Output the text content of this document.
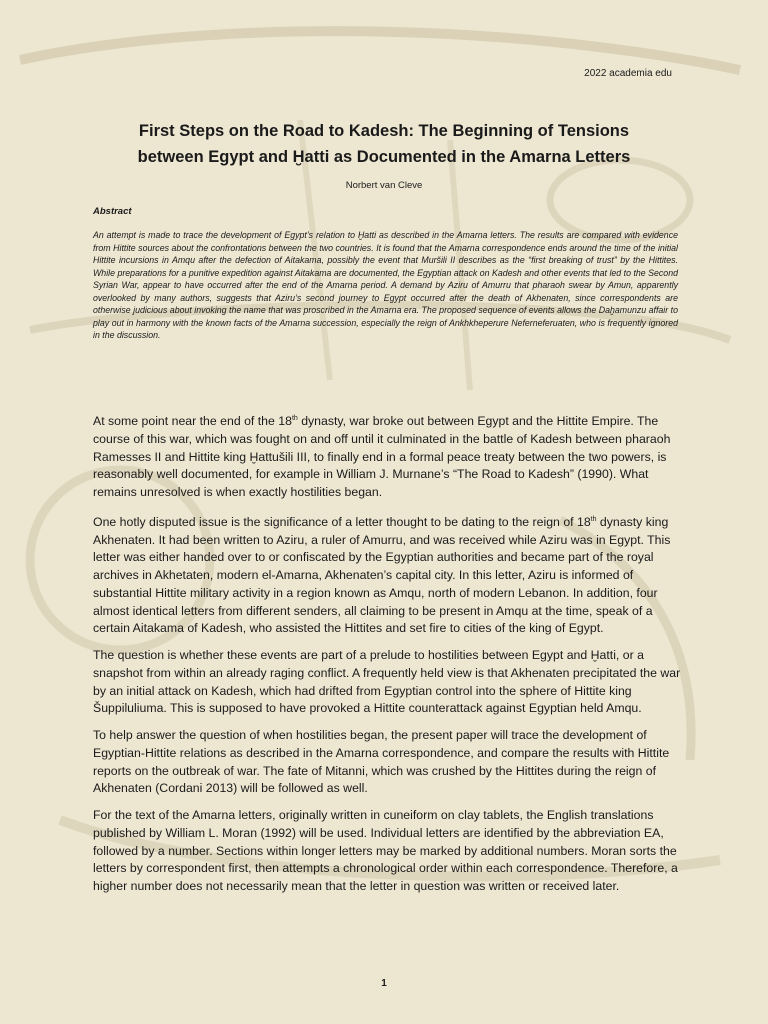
2022 academia edu
First Steps on the Road to Kadesh: The Beginning of Tensions
between Egypt and Ḫatti as Documented in the Amarna Letters
Norbert van Cleve
Abstract
An attempt is made to trace the development of Egypt’s relation to Ḫatti as described in the Amarna letters. The results are compared with evidence from Hittite sources about the confrontations between the two countries. It is found that the Amarna correspondence ends around the time of the initial Hittite incursions in Amqu after the defection of Aitakama, possibly the event that Muršili II describes as the “first breaking of trust” by the Hittites. While preparations for a punitive expedition against Aitakama are documented, the Egyptian attack on Kadesh and other events that led to the Second Syrian War, appear to have occurred after the end of the Amarna period. A demand by Aziru of Amurru that pharaoh swear by Amun, apparently overlooked by many authors, suggests that Aziru’s second journey to Egypt occurred after the death of Akhenaten, since correspondents are otherwise judicious about invoking the name that was proscribed in the Amarna era. The proposed sequence of events allows the Daḫamunzu affair to play out in harmony with the known facts of the Amarna succession, especially the reign of Ankhkheperure Neferneferuaten, who is frequently ignored in the discussion.

At some point near the end of the 18th dynasty, war broke out between Egypt and the Hittite Empire. The course of this war, which was fought on and off until it culminated in the battle of Kadesh between pharaoh Ramesses II and Hittite king Ḫattušili III, to finally end in a formal peace treaty between the two powers, is reasonably well documented, for example in William J. Murnane’s “The Road to Kadesh” (1990). What remains unresolved is when exactly hostilities began.

One hotly disputed issue is the significance of a letter thought to be dating to the reign of 18th dynasty king Akhenaten. It had been written to Aziru, a ruler of Amurru, and was received while Aziru was in Egypt. This letter was either handed over to or confiscated by the Egyptian authorities and became part of the royal archives in Akhetaten, modern el-Amarna, Akhenaten’s capital city. In this letter, Aziru is informed of substantial Hittite military activity in a region known as Amqu, north of modern Lebanon. In addition, four almost identical letters from different senders, all claiming to be present in Amqu at the time, speak of a certain Aitakama of Kadesh, who assisted the Hittites and set fire to cities of the king of Egypt.

The question is whether these events are part of a prelude to hostilities between Egypt and Ḫatti, or a snapshot from within an already raging conflict. A frequently held view is that Akhenaten precipitated the war by an initial attack on Kadesh, which had drifted from Egyptian control into the sphere of Hittite king Šuppiluliuma. This is supposed to have provoked a Hittite counterattack against Egyptian held Amqu.

To help answer the question of when hostilities began, the present paper will trace the development of Egyptian-Hittite relations as described in the Amarna correspondence, and compare the results with Hittite reports on the outbreak of war. The fate of Mitanni, which was crushed by the Hittites during the reign of Akhenaten (Cordani 2013) will be followed as well.

For the text of the Amarna letters, originally written in cuneiform on clay tablets, the English translations published by William L. Moran (1992) will be used. Individual letters are identified by the abbreviation EA, followed by a number. Sections within longer letters may be marked by additional numbers. Moran sorts the letters by correspondent first, then attempts a chronological order within each correspondence. Therefore, a higher number does not necessarily mean that the letter in question was written or received later.

1
